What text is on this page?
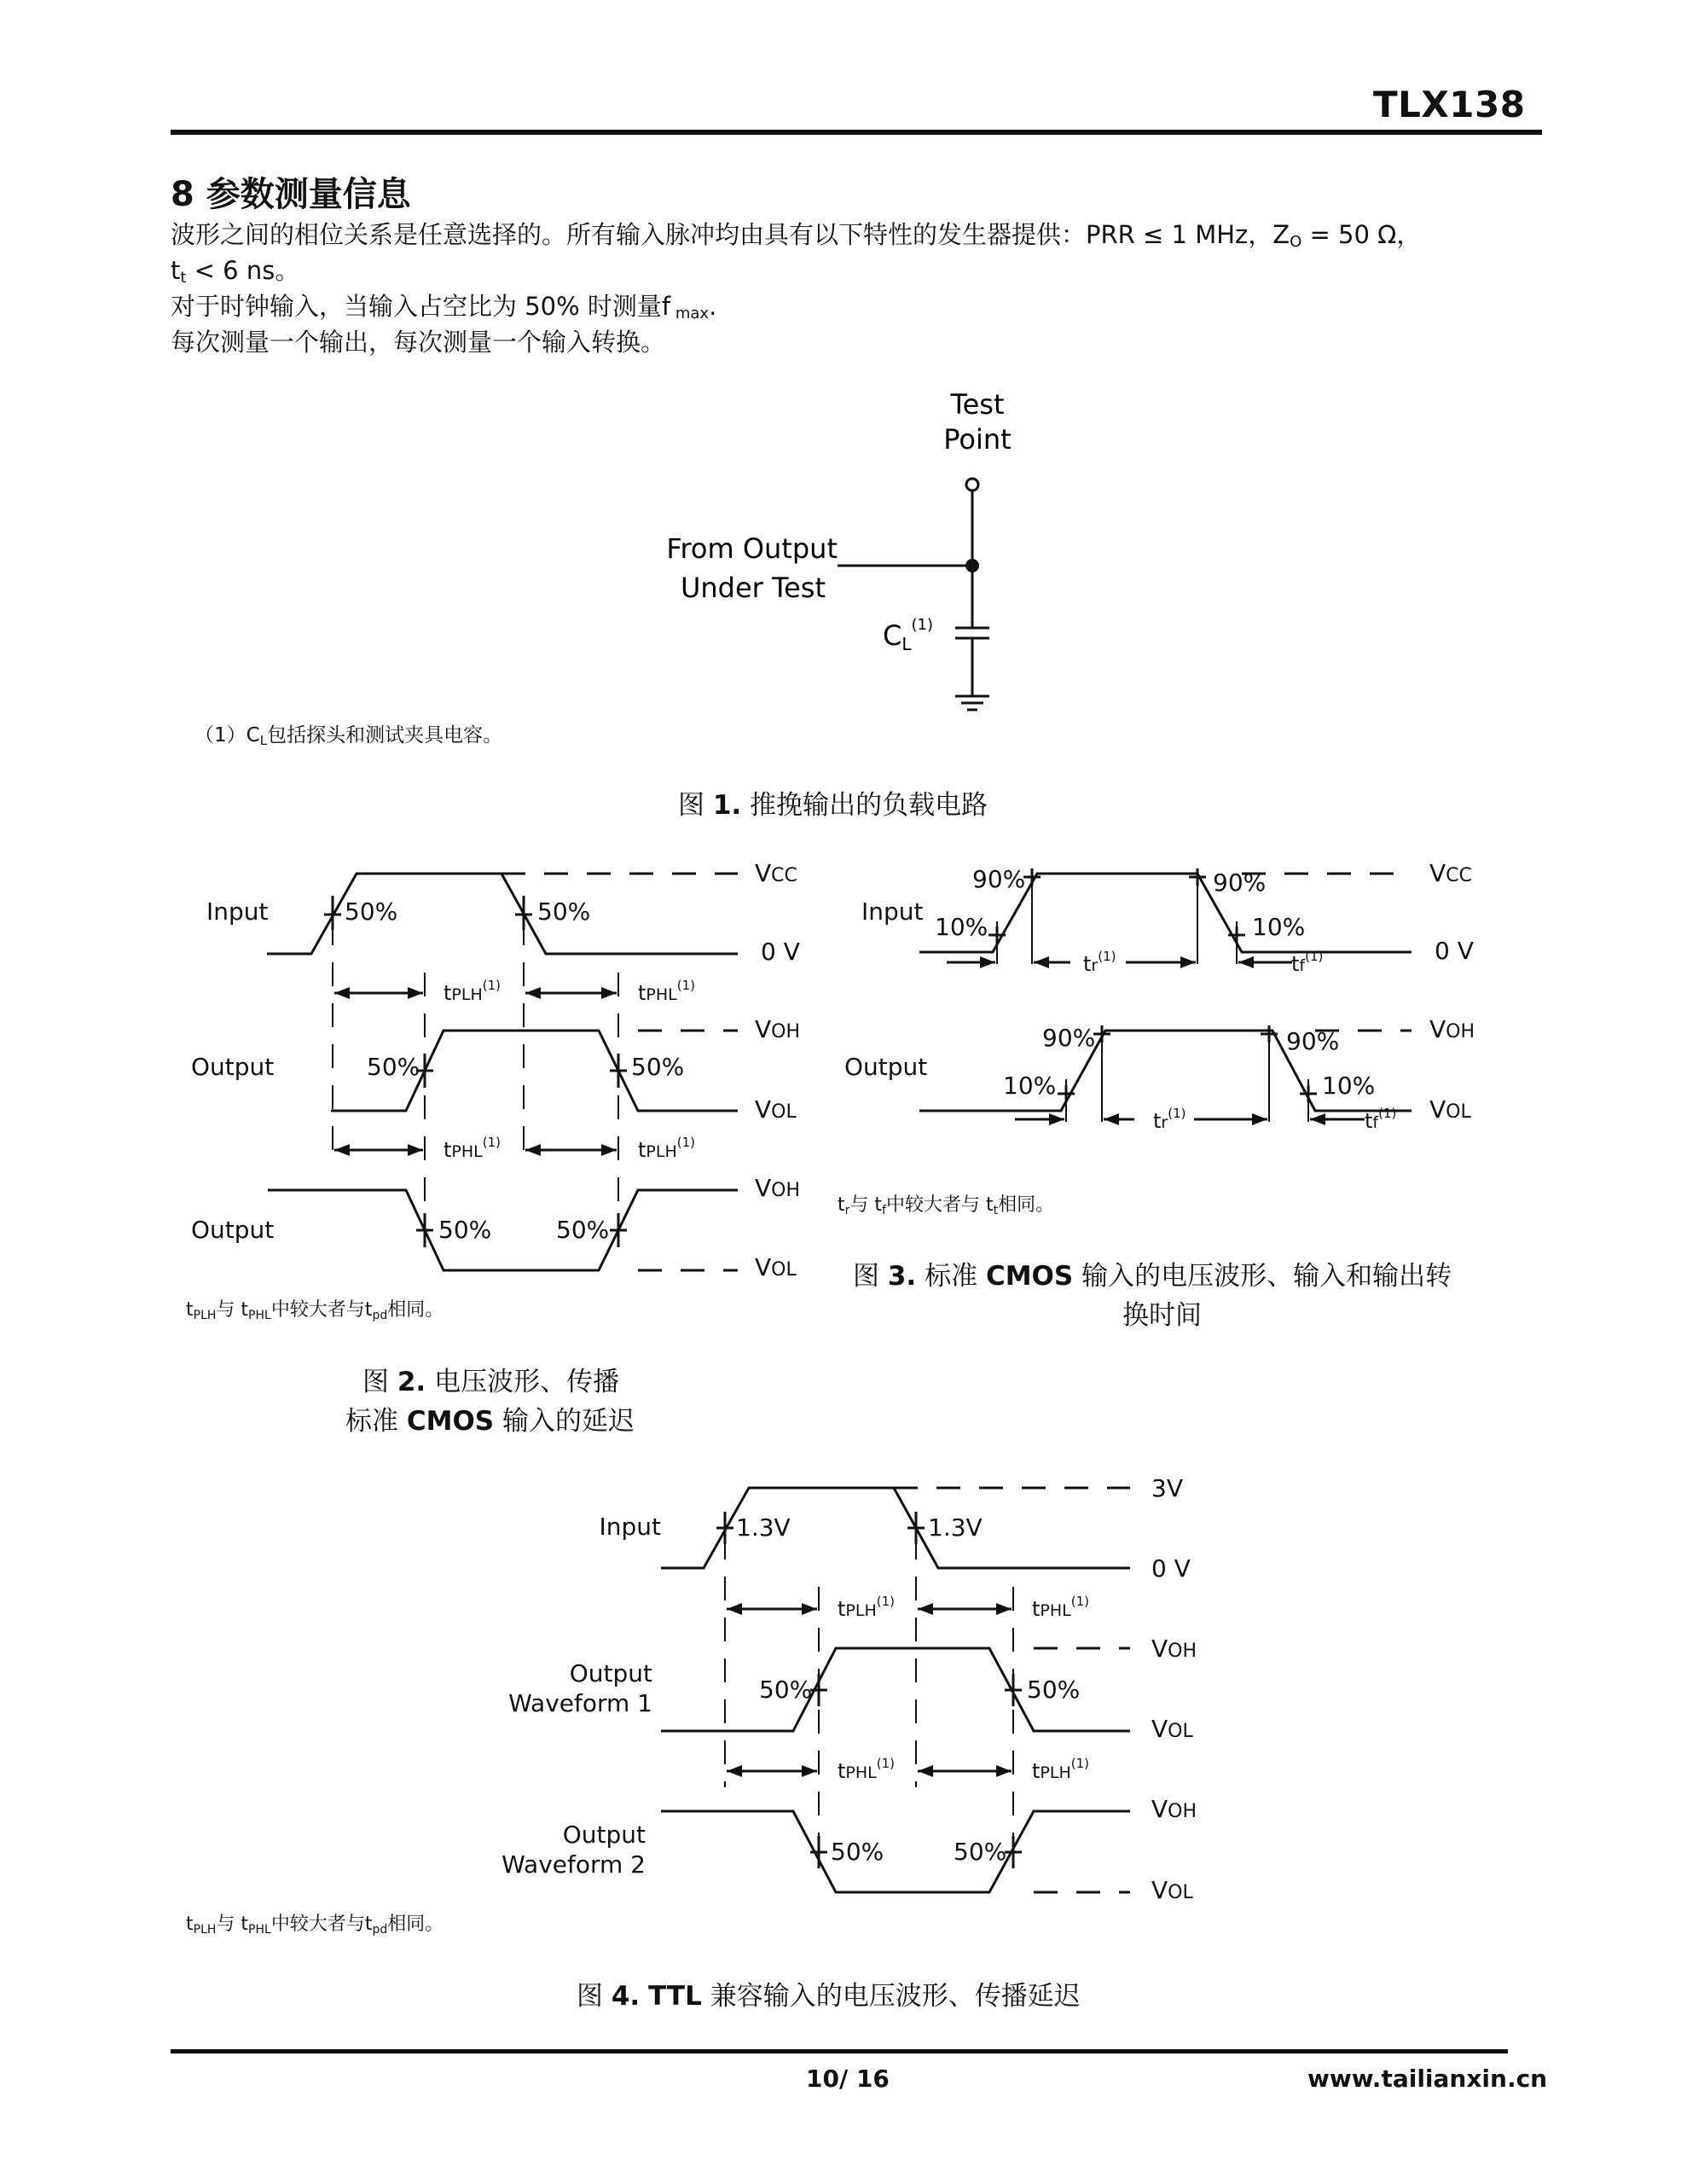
TLX138
8 参数测量信息
波形之间的相位关系是任意选择的。所有输入脉冲均由具有以下特性的发生器提供：PRR ≤ 1 MHz，$Z_O = 50$ Ω，
$t_t < 6$ ns。
对于时钟输入，当输入占空比为 50% 时测量f $_{max}$.
每次测量一个输出，每次测量一个输入转换。
Test
Point
From Output
Under Test
CL$^{(1)}$
$(1)C_L$包括探头和测试夹具电容。
图 1. 推挽输出的负载电路
Input
Output
Output
VCC
0 V
VOH
VOL
VOH
VOL
50%	50%
50%	50%
50%	50%
tPLH$^{(1)}$	tPHL$^{(1)}$
tPHL$^{(1)}$	tPLH$^{(1)}$
$t_{PLH}$与 $t_{PHL}$中较大者与$t_{pd}$相同。
图 2. 电压波形、传播
标准 CMOS 输入的延迟
Input
Output
90%	90%
10%	10%
90%	90%
10%	10%
VCC
0 V
VOH
VOL
$tr^{(1)}$	$tf^{(1)}$
$tr^{(1)}$	$tf^{(1)}$
$t_r$与 $t_f$中较大者与 $t_t$相同。
图 3. 标准 CMOS 输入的电压波形、输入和输出转
换时间
Input
Output
Waveform 1
Output
Waveform 2
3V
0 V
VOH
VOL
VOH
VOL
1.3V	1.3V
50%	50%
50%	50%
tPLH$^{(1)}$	tPHL$^{(1)}$
tPHL$^{(1)}$	tPLH$^{(1)}$
$t_{PLH}$与 $t_{PHL}$中较大者与$t_{pd}$相同。
图 4. TTL 兼容输入的电压波形、传播延迟
10/ 16	www.tailianxin.cn
